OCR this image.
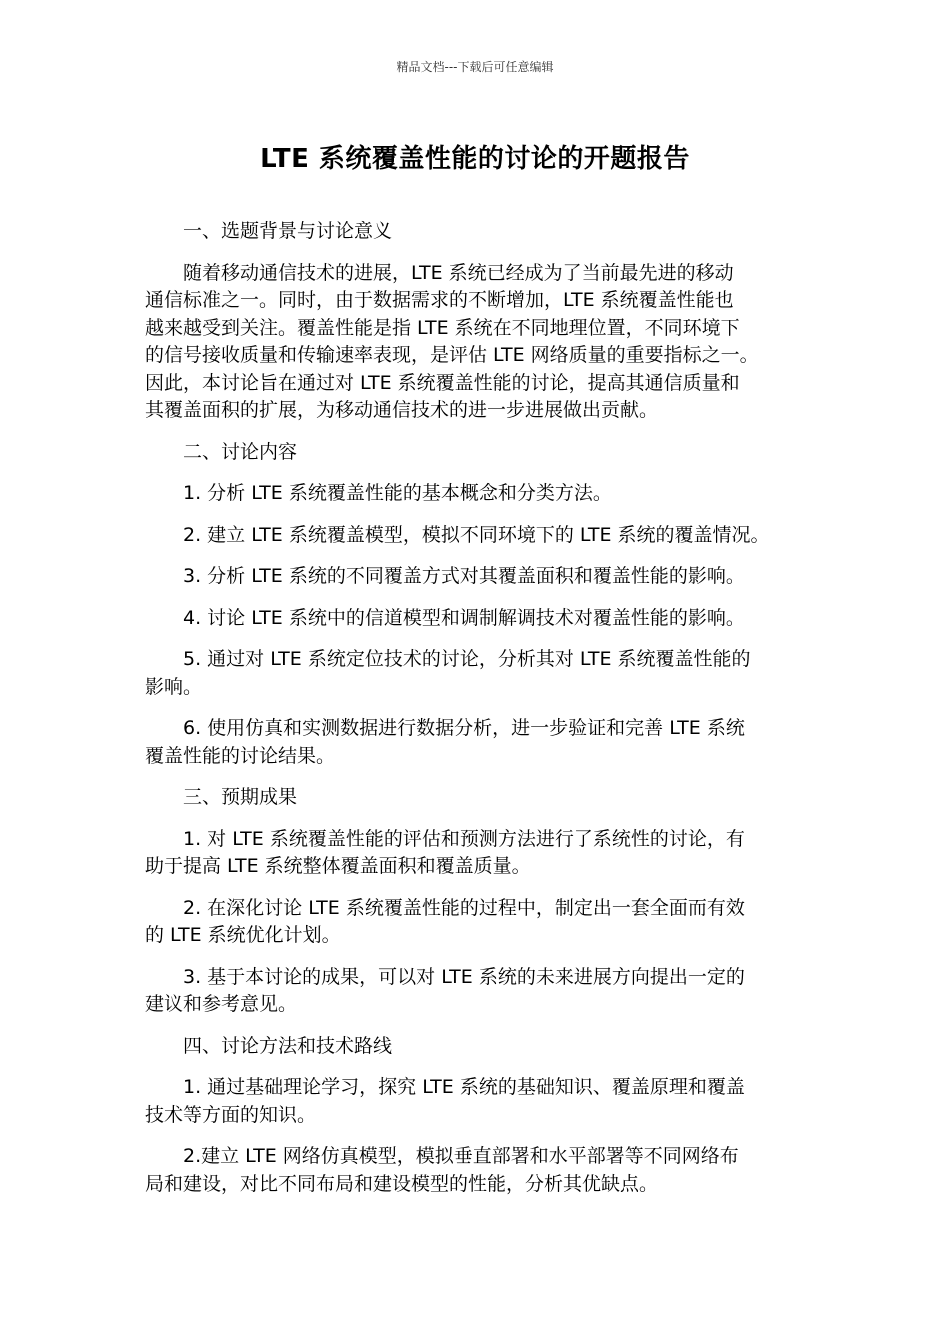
精品文档---下载后可任意编辑
LTE 系统覆盖性能的讨论的开题报告
一、选题背景与讨论意义
随着移动通信技术的进展，LTE 系统已经成为了当前最先进的移动
通信标准之一。同时，由于数据需求的不断增加，LTE 系统覆盖性能也
越来越受到关注。覆盖性能是指 LTE 系统在不同地理位置，不同环境下
的信号接收质量和传输速率表现，是评估 LTE 网络质量的重要指标之一。
因此，本讨论旨在通过对 LTE 系统覆盖性能的讨论，提高其通信质量和
其覆盖面积的扩展，为移动通信技术的进一步进展做出贡献。
二、讨论内容
1. 分析 LTE 系统覆盖性能的基本概念和分类方法。
2. 建立 LTE 系统覆盖模型，模拟不同环境下的 LTE 系统的覆盖情况。
3. 分析 LTE 系统的不同覆盖方式对其覆盖面积和覆盖性能的影响。
4. 讨论 LTE 系统中的信道模型和调制解调技术对覆盖性能的影响。
5. 通过对 LTE 系统定位技术的讨论，分析其对 LTE 系统覆盖性能的
影响。
6. 使用仿真和实测数据进行数据分析，进一步验证和完善 LTE 系统
覆盖性能的讨论结果。
三、预期成果
1. 对 LTE 系统覆盖性能的评估和预测方法进行了系统性的讨论，有
助于提高 LTE 系统整体覆盖面积和覆盖质量。
2. 在深化讨论 LTE 系统覆盖性能的过程中，制定出一套全面而有效
的 LTE 系统优化计划。
3. 基于本讨论的成果，可以对 LTE 系统的未来进展方向提出一定的
建议和参考意见。
四、讨论方法和技术路线
1. 通过基础理论学习，探究 LTE 系统的基础知识、覆盖原理和覆盖
技术等方面的知识。
2.建立 LTE 网络仿真模型，模拟垂直部署和水平部署等不同网络布
局和建设，对比不同布局和建设模型的性能，分析其优缺点。
